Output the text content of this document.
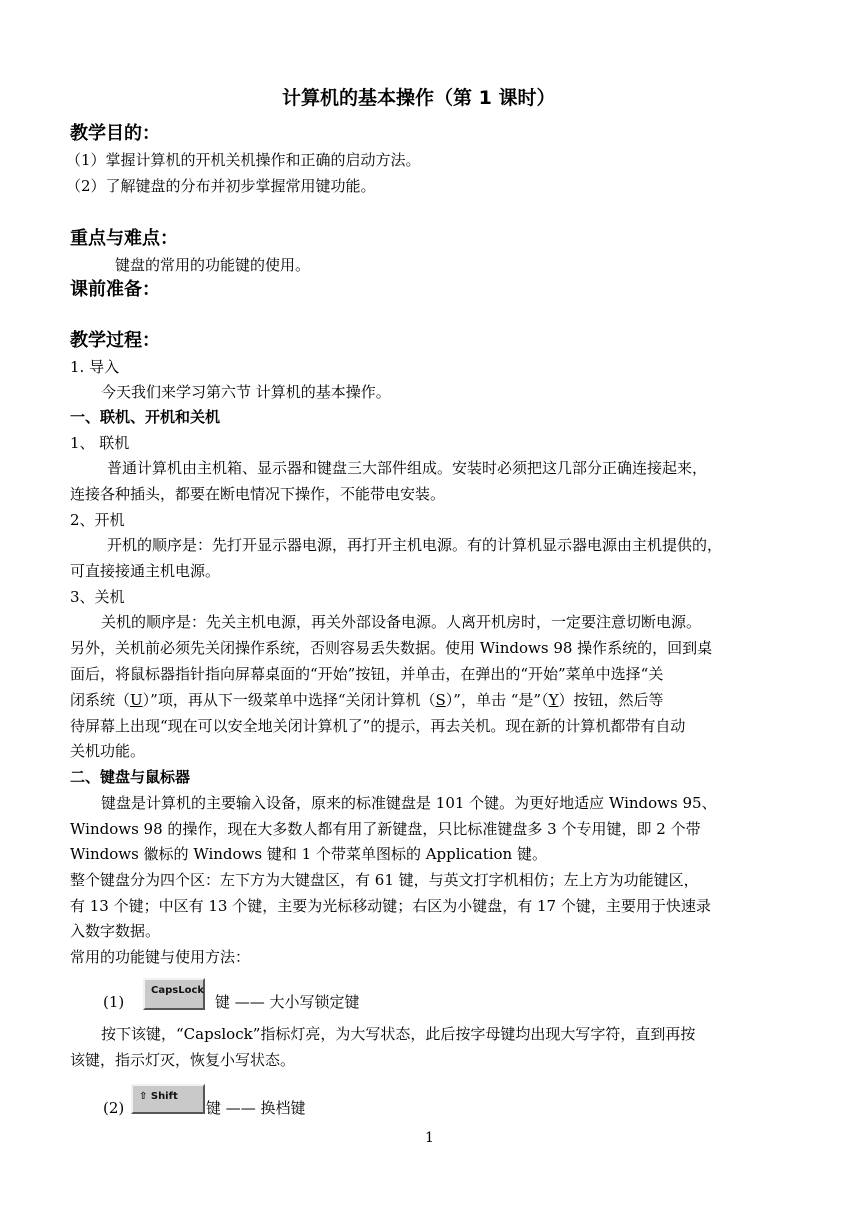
计算机的基本操作（第 1 课时）
教学目的：
（1）掌握计算机的开机关机操作和正确的启动方法。
（2）了解键盘的分布并初步掌握常用键功能。
重点与难点：
键盘的常用的功能键的使用。
课前准备：
教学过程：
1. 导入
今天我们来学习第六节 计算机的基本操作。
一、联机、开机和关机
1、 联机
普通计算机由主机箱、显示器和键盘三大部件组成。安装时必须把这几部分正确连接起来，
连接各种插头，都要在断电情况下操作，不能带电安装。
2、开机
开机的顺序是：先打开显示器电源，再打开主机电源。有的计算机显示器电源由主机提供的，
可直接接通主机电源。
3、关机
关机的顺序是：先关主机电源，再关外部设备电源。人离开机房时，一定要注意切断电源。
另外，关机前必须先关闭操作系统，否则容易丢失数据。使用 Windows 98 操作系统的，回到桌
面后，将鼠标器指针指向屏幕桌面的“开始”按钮，并单击，在弹出的“开始”菜单中选择“关
闭系统（U）”项，再从下一级菜单中选择“关闭计算机（S）”，单击 “是”（Y）按钮，然后等
待屏幕上出现“现在可以安全地关闭计算机了”的提示，再去关机。现在新的计算机都带有自动
关机功能。
二、键盘与鼠标器
键盘是计算机的主要输入设备，原来的标准键盘是 101 个键。为更好地适应 Windows 95、
Windows 98 的操作，现在大多数人都有用了新键盘，只比标准键盘多 3 个专用键，即 2 个带
Windows 徽标的 Windows 键和 1 个带菜单图标的 Application 键。
整个键盘分为四个区：左下方为大键盘区，有 61 键，与英文打字机相仿；左上方为功能键区，
有 13 个键；中区有 13 个键，主要为光标移动键；右区为小键盘，有 17 个键，主要用于快速录
入数字数据。
常用的功能键与使用方法：
(1)
CapsLock
键 —— 大小写锁定键
按下该键，“Capslock”指标灯亮，为大写状态，此后按字母键均出现大写字符，直到再按
该键，指示灯灭，恢复小写状态。
(2)
⇧ Shift
键 —— 换档键
1
